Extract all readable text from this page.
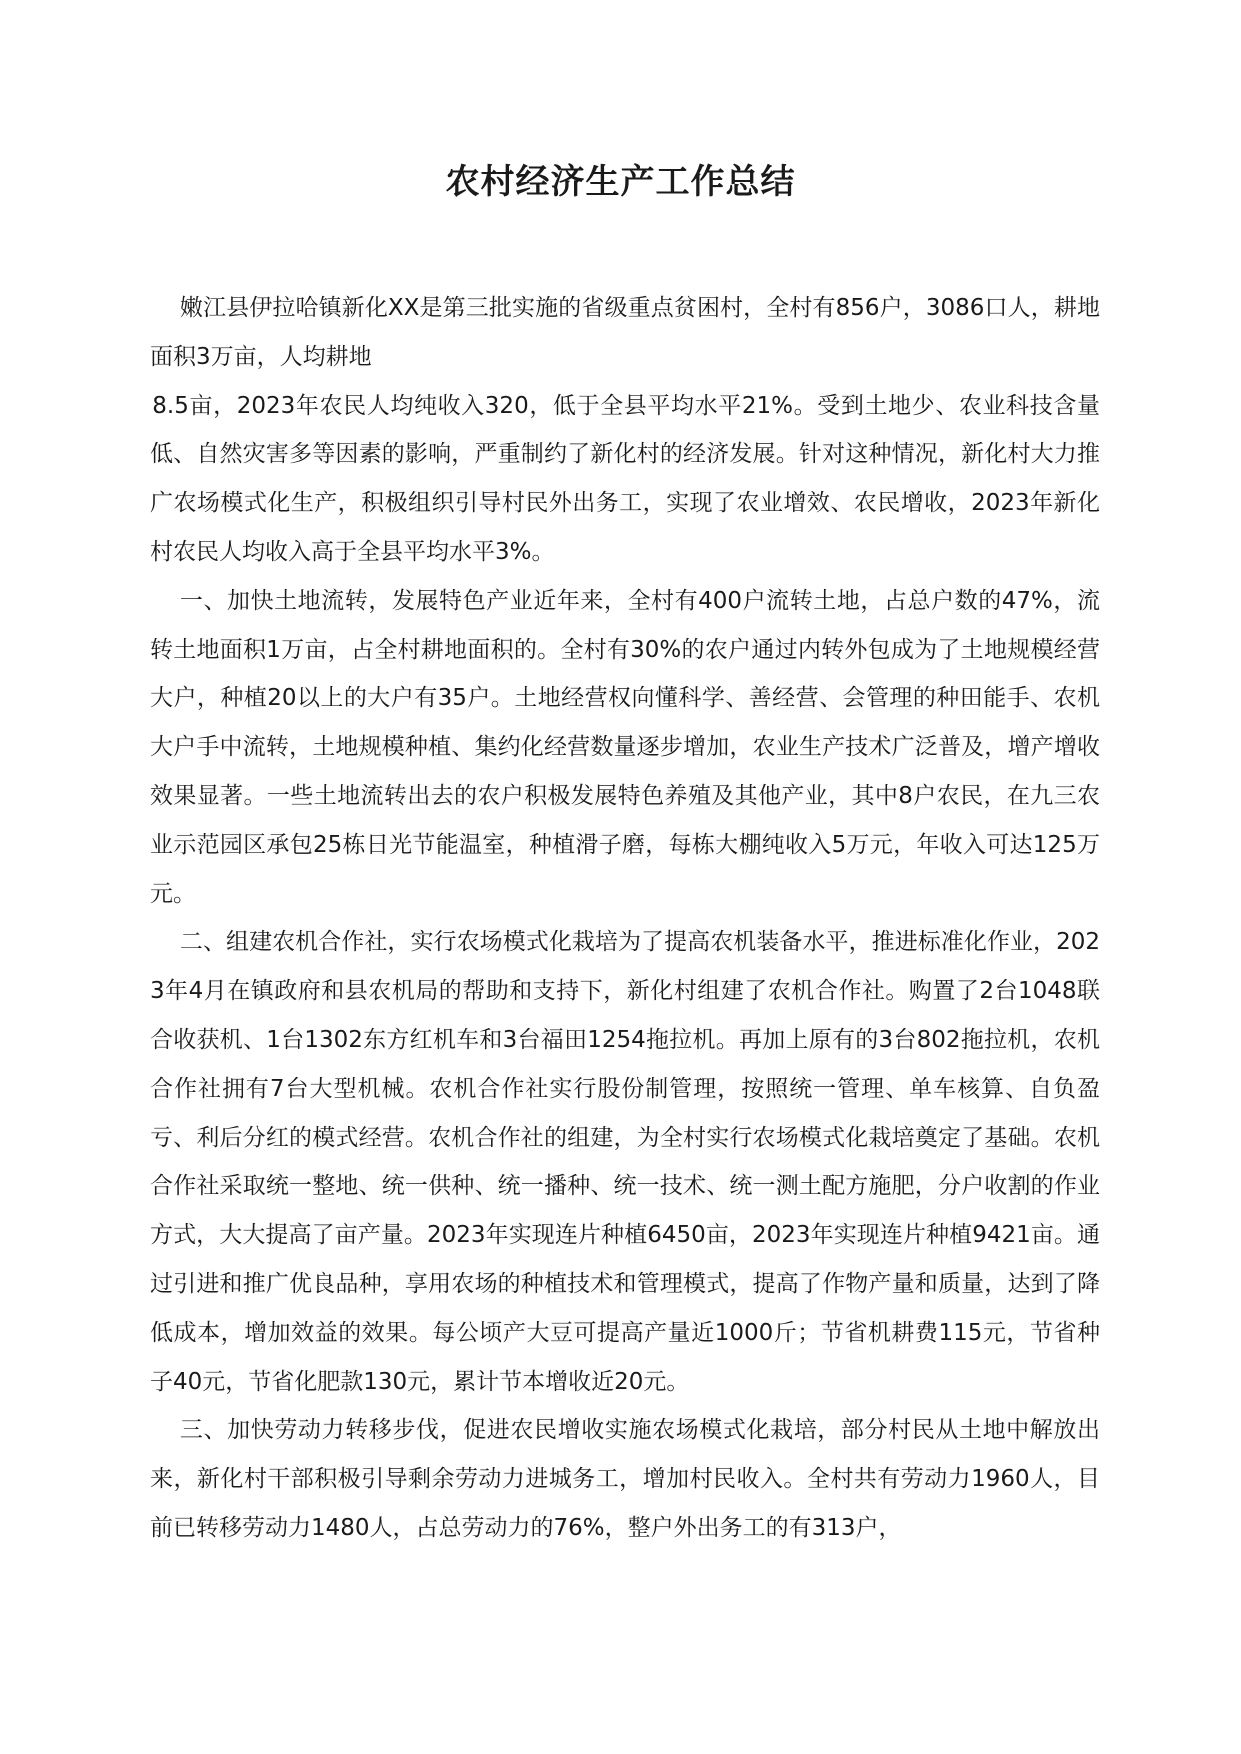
农村经济生产工作总结

嫩江县伊拉哈镇新化XX是第三批实施的省级重点贫困村，全村有856户，3086口人，耕地面积3万亩，人均耕地

8.5亩，2023年农民人均纯收入320，低于全县平均水平21%。受到土地少、农业科技含量低、自然灾害多等因素的影响，严重制约了新化村的经济发展。针对这种情况，新化村大力推广农场模式化生产，积极组织引导村民外出务工，实现了农业增效、农民增收，2023年新化村农民人均收入高于全县平均水平3%。

一、加快土地流转，发展特色产业近年来，全村有400户流转土地，占总户数的47%，流转土地面积1万亩，占全村耕地面积的。全村有30%的农户通过内转外包成为了土地规模经营大户，种植20以上的大户有35户。土地经营权向懂科学、善经营、会管理的种田能手、农机大户手中流转，土地规模种植、集约化经营数量逐步增加，农业生产技术广泛普及，增产增收效果显著。一些土地流转出去的农户积极发展特色养殖及其他产业，其中8户农民，在九三农业示范园区承包25栋日光节能温室，种植滑子磨，每栋大棚纯收入5万元，年收入可达125万元。

二、组建农机合作社，实行农场模式化栽培为了提高农机装备水平，推进标准化作业，2023年4月在镇政府和县农机局的帮助和支持下，新化村组建了农机合作社。购置了2台1048联合收获机、1台1302东方红机车和3台福田1254拖拉机。再加上原有的3台802拖拉机，农机合作社拥有7台大型机械。农机合作社实行股份制管理，按照统一管理、单车核算、自负盈亏、利后分红的模式经营。农机合作社的组建，为全村实行农场模式化栽培奠定了基础。农机合作社采取统一整地、统一供种、统一播种、统一技术、统一测土配方施肥，分户收割的作业方式，大大提高了亩产量。2023年实现连片种植6450亩，2023年实现连片种植9421亩。通过引进和推广优良品种，享用农场的种植技术和管理模式，提高了作物产量和质量，达到了降低成本，增加效益的效果。每公顷产大豆可提高产量近1000斤；节省机耕费115元，节省种子40元，节省化肥款130元，累计节本增收近20元。

三、加快劳动力转移步伐，促进农民增收实施农场模式化栽培，部分村民从土地中解放出来，新化村干部积极引导剩余劳动力进城务工，增加村民收入。全村共有劳动力1960人，目前已转移劳动力1480人，占总劳动力的76%，整户外出务工的有313户，
